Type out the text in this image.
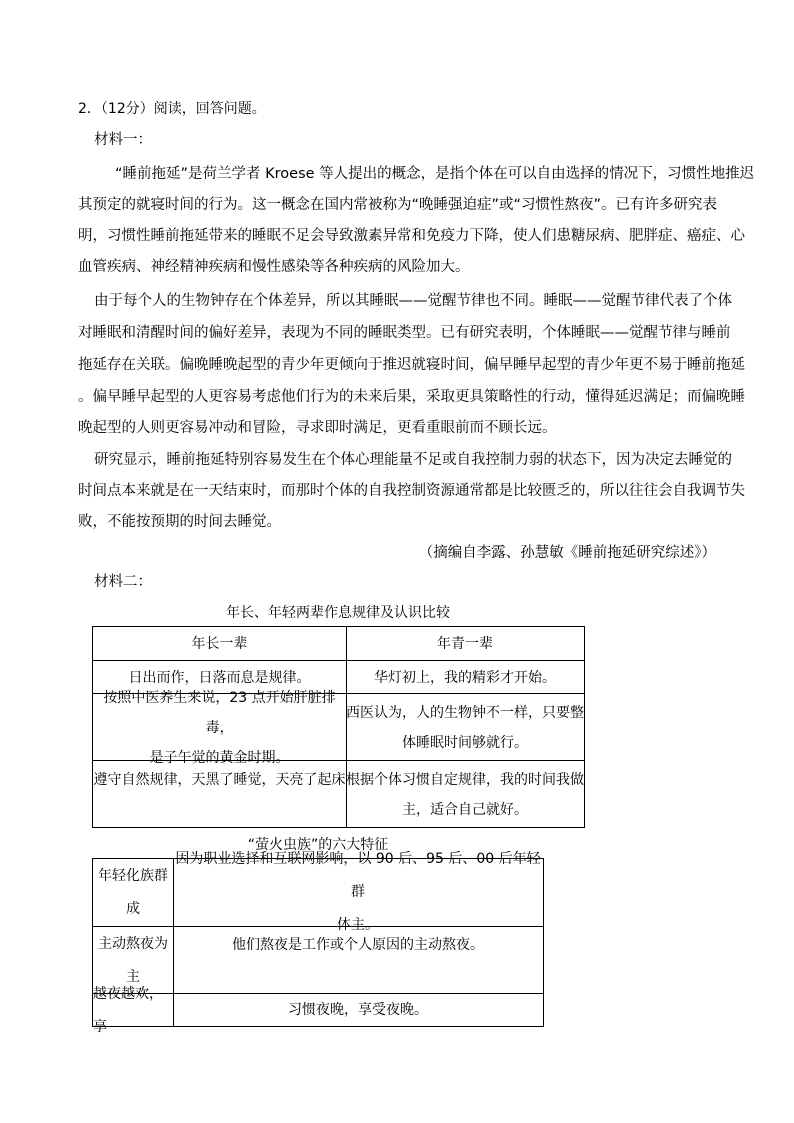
2．（12分）阅读，回答问题。
材料一：
“睡前拖延”是荷兰学者 Kroese 等人提出的概念，是指个体在可以自由选择的情况下，习惯性地推迟
其预定的就寝时间的行为。这一概念在国内常被称为“晚睡强迫症”或“习惯性熬夜”。已有许多研究表
明，习惯性睡前拖延带来的睡眠不足会导致激素异常和免疫力下降，使人们患糖尿病、肥胖症、癌症、心
血管疾病、神经精神疾病和慢性感染等各种疾病的风险加大。
由于每个人的生物钟存在个体差异，所以其睡眠——觉醒节律也不同。睡眠——觉醒节律代表了个体
对睡眠和清醒时间的偏好差异，表现为不同的睡眠类型。已有研究表明，个体睡眠——觉醒节律与睡前
拖延存在关联。偏晚睡晚起型的青少年更倾向于推迟就寝时间，偏早睡早起型的青少年更不易于睡前拖延
。偏早睡早起型的人更容易考虑他们行为的未来后果，采取更具策略性的行动，懂得延迟满足；而偏晚睡
晚起型的人则更容易冲动和冒险，寻求即时满足，更看重眼前而不顾长远。
研究显示，睡前拖延特别容易发生在个体心理能量不足或自我控制力弱的状态下，因为决定去睡觉的
时间点本来就是在一天结束时，而那时个体的自我控制资源通常都是比较匮乏的，所以往往会自我调节失
败，不能按预期的时间去睡觉。
（摘编自李露、孙慧敏《睡前拖延研究综述》）
材料二：
年长、年轻两辈作息规律及认识比较
年长一辈	年青一辈
日出而作，日落而息是规律。	华灯初上，我的精彩才开始。
按照中医养生来说，23 点开始肝脏排毒，
是子午觉的黄金时期。
西医认为，人的生物钟不一样，只要整
体睡眠时间够就行。
遵守自然规律，天黑了睡觉，天亮了起床 根据个体习惯自定规律，我的时间我做
主，适合自己就好。
“萤火虫族”的六大特征
年轻化族群
成
因为职业选择和互联网影响，以 90 后、95 后、00 后年轻群
体主。
主动熬夜为
主
他们熬夜是工作或个人原因的主动熬夜。
越夜越欢，享
习惯夜晚，享受夜晚。
